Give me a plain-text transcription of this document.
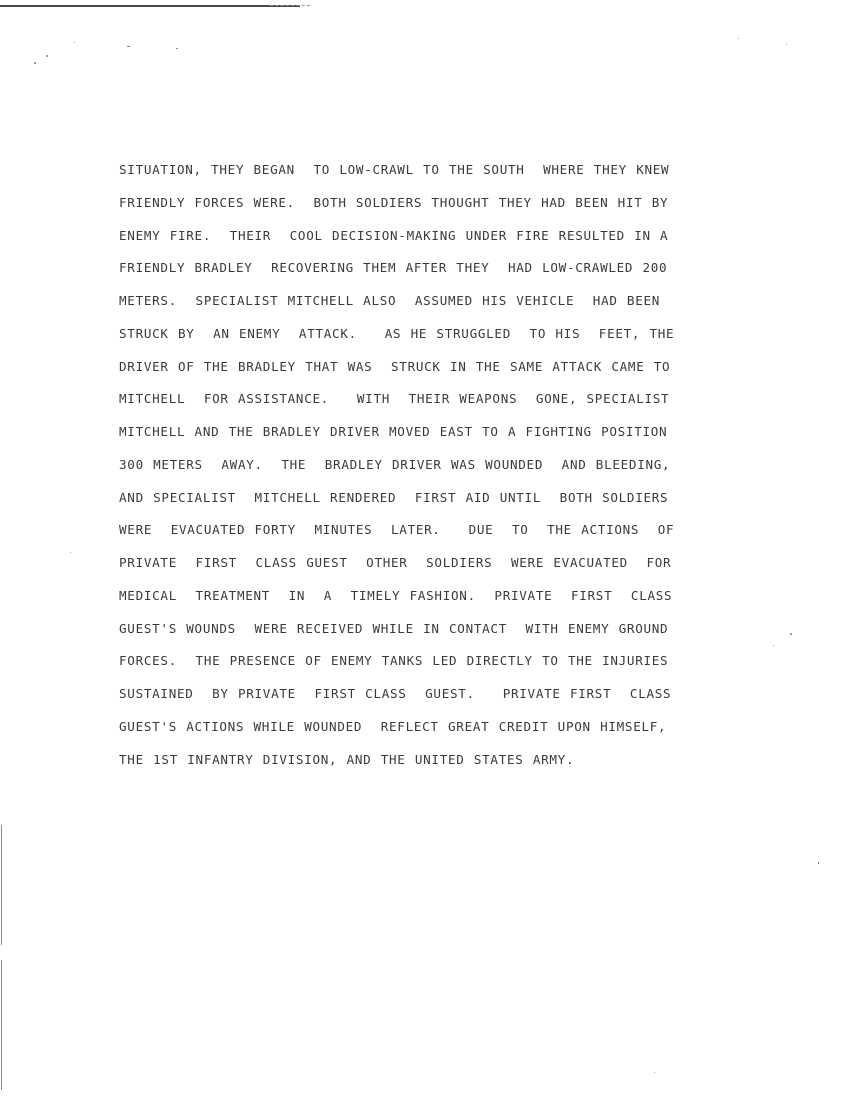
SITUATION, THEY BEGAN  TO LOW-CRAWL TO THE SOUTH  WHERE THEY KNEW
FRIENDLY FORCES WERE.  BOTH SOLDIERS THOUGHT THEY HAD BEEN HIT BY
ENEMY FIRE.  THEIR  COOL DECISION-MAKING UNDER FIRE RESULTED IN A
FRIENDLY BRADLEY  RECOVERING THEM AFTER THEY  HAD LOW-CRAWLED 200
METERS.  SPECIALIST MITCHELL ALSO  ASSUMED HIS VEHICLE  HAD BEEN
STRUCK BY  AN ENEMY  ATTACK.   AS HE STRUGGLED  TO HIS  FEET, THE
DRIVER OF THE BRADLEY THAT WAS  STRUCK IN THE SAME ATTACK CAME TO
MITCHELL  FOR ASSISTANCE.   WITH  THEIR WEAPONS  GONE, SPECIALIST
MITCHELL AND THE BRADLEY DRIVER MOVED EAST TO A FIGHTING POSITION
300 METERS  AWAY.  THE  BRADLEY DRIVER WAS WOUNDED  AND BLEEDING,
AND SPECIALIST  MITCHELL RENDERED  FIRST AID UNTIL  BOTH SOLDIERS
WERE  EVACUATED FORTY  MINUTES  LATER.   DUE  TO  THE ACTIONS  OF
PRIVATE  FIRST  CLASS GUEST  OTHER  SOLDIERS  WERE EVACUATED  FOR
MEDICAL  TREATMENT  IN  A  TIMELY FASHION.  PRIVATE  FIRST  CLASS
GUEST'S WOUNDS  WERE RECEIVED WHILE IN CONTACT  WITH ENEMY GROUND
FORCES.  THE PRESENCE OF ENEMY TANKS LED DIRECTLY TO THE INJURIES
SUSTAINED  BY PRIVATE  FIRST CLASS  GUEST.   PRIVATE FIRST  CLASS
GUEST'S ACTIONS WHILE WOUNDED  REFLECT GREAT CREDIT UPON HIMSELF,
THE 1ST INFANTRY DIVISION, AND THE UNITED STATES ARMY.
